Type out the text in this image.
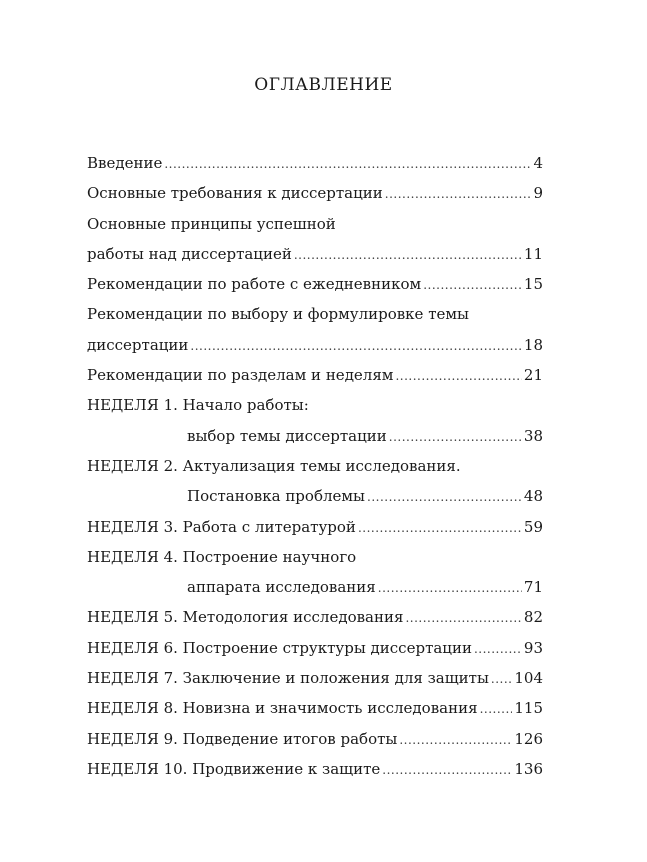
ОГЛАВЛЕНИЕ
Введение .....	4
Основные требования к диссертации .....	9
Основные принципы успешной
работы над диссертацией .....	11
Рекомендации по работе с ежедневником .....	15
Рекомендации по выбору и формулировке темы
диссертации .....	18
Рекомендации по разделам и неделям .....	21
НЕДЕЛЯ 1. Начало работы:
выбор темы диссертации .....	38
НЕДЕЛЯ 2. Актуализация темы исследования.
Постановка проблемы .....	48
НЕДЕЛЯ 3. Работа с литературой .....	59
НЕДЕЛЯ 4. Построение научного
аппарата исследования .....	71
НЕДЕЛЯ 5. Методология исследования .....	82
НЕДЕЛЯ 6. Построение структуры диссертации .....	93
НЕДЕЛЯ 7. Заключение и положения для защиты ..... 104
НЕДЕЛЯ 8. Новизна и значимость исследования ..... 115
НЕДЕЛЯ 9. Подведение итогов работы .....	126
НЕДЕЛЯ 10. Продвижение к защите .....	136
